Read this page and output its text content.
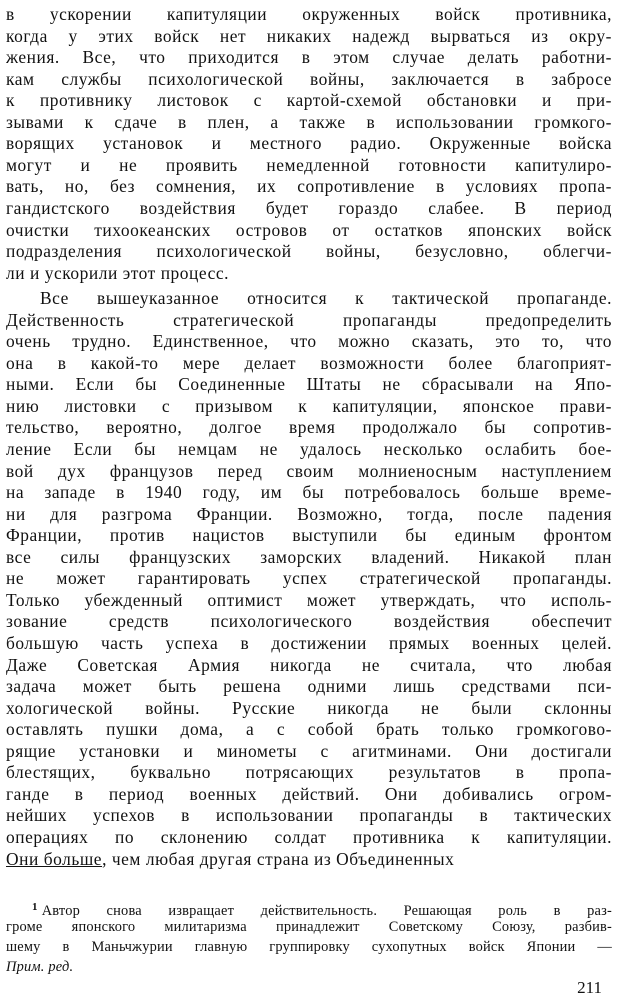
в ускорении капитуляции окруженных войск противника,
когда у этих войск нет никаких надежд вырваться из окру-
жения. Все, что приходится в этом случае делать работни-
кам службы психологической войны, заключается в забросе
к противнику листовок с картой-схемой обстановки и при-
зывами к сдаче в плен, а также в использовании громкого-
ворящих установок и местного радио. Окруженные войска
могут и не проявить немедленной готовности капитулиро-
вать, но, без сомнения, их сопротивление в условиях пропа-
гандистского воздействия будет гораздо слабее. В период
очистки тихоокеанских островов от остатков японских войск
подразделения психологической войны, безусловно, облегчи-
ли и ускорили этот процесс.
Все вышеуказанное относится к тактической пропаганде.
Действенность стратегической пропаганды предопределить
очень трудно. Единственное, что можно сказать, это то, что
она в какой-то мере делает возможности более благоприят-
ными. Если бы Соединенные Штаты не сбрасывали на Япо-
нию листовки с призывом к капитуляции, японское прави-
тельство, вероятно, долгое время продолжало бы сопротив-
ление Если бы немцам не удалось несколько ослабить бое-
вой дух французов перед своим молниеносным наступлением
на западе в 1940 году, им бы потребовалось больше време-
ни для разгрома Франции. Возможно, тогда, после падения
Франции, против нацистов выступили бы единым фронтом
все силы французских заморских владений. Никакой план
не может гарантировать успех стратегической пропаганды.
Только убежденный оптимист может утверждать, что исполь-
зование средств психологического воздействия обеспечит
большую часть успеха в достижении прямых военных целей.
Даже Советская Армия никогда не считала, что любая
задача может быть решена одними лишь средствами пси-
хологической войны. Русские никогда не были склонны
оставлять пушки дома, а с собой брать только громкогово-
рящие установки и минометы с агитминами. Они достигали
блестящих, буквально потрясающих результатов в пропа-
ганде в период военных действий. Они добивались огром-
нейших успехов в использовании пропаганды в тактических
операциях по склонению солдат противника к капитуляции.
Они больше, чем любая другая страна из Объединенных
$^1$ Автор снова извращает действительность. Решающая роль в раз-
громе японского милитаризма принадлежит Советскому Союзу, разбив-
шему в Маньчжурии главную группировку сухопутных войск Японии —
Прим. ред.
211
